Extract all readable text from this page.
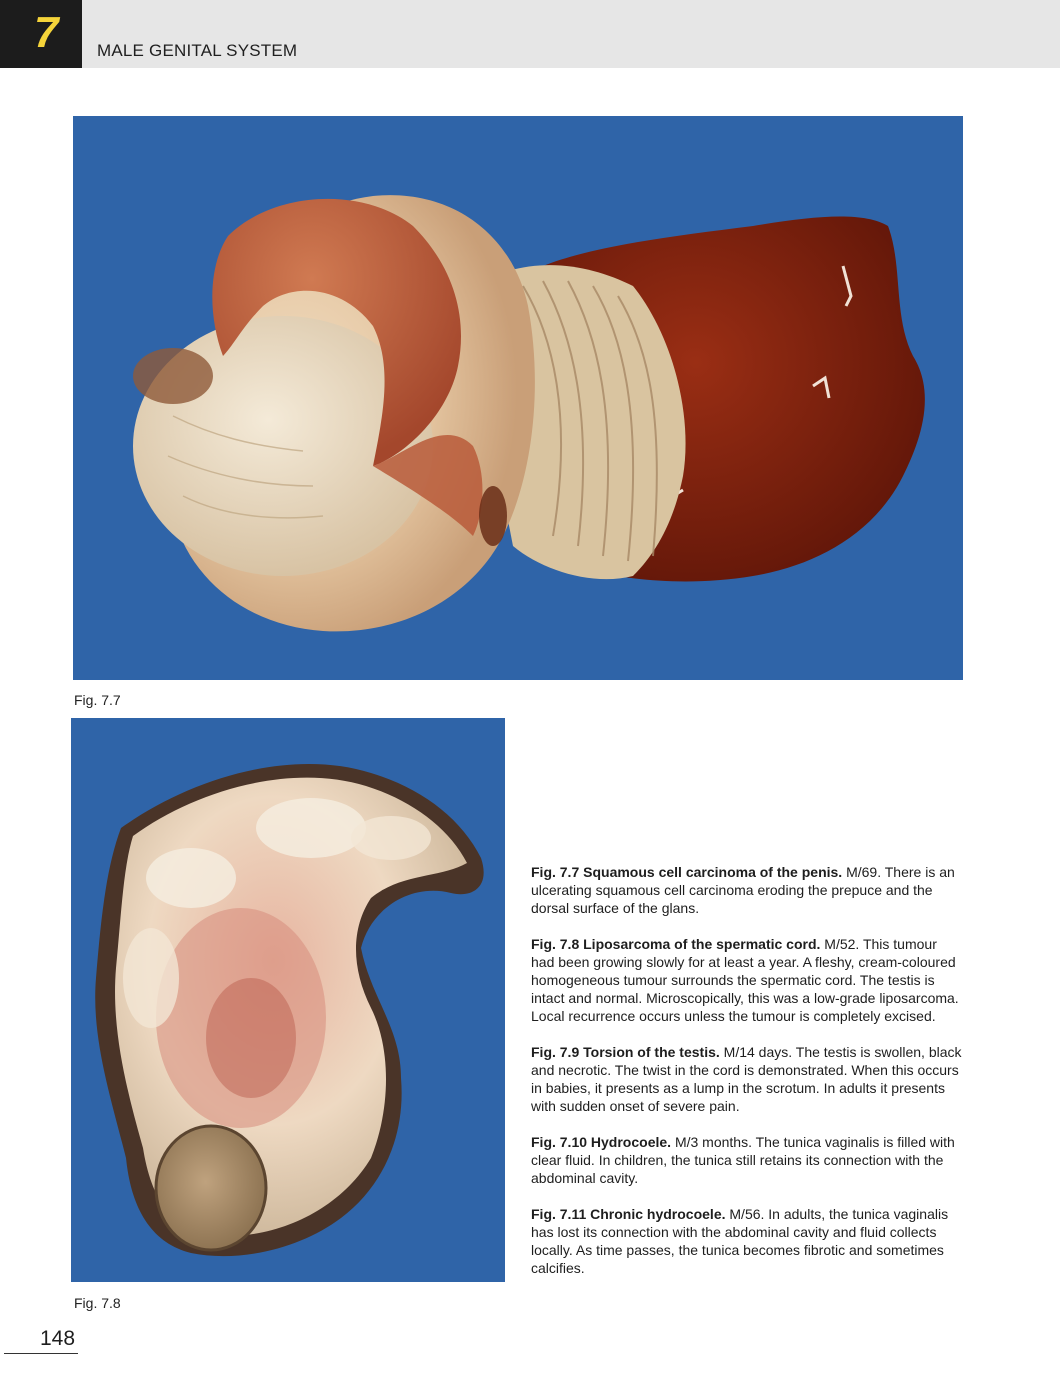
7 MALE GENITAL SYSTEM
Fig. 7.7
Fig. 7.8

Fig. 7.7 Squamous cell carcinoma of the penis. M/69. There is an ulcerating squamous cell carcinoma eroding the prepuce and the dorsal surface of the glans.

Fig. 7.8 Liposarcoma of the spermatic cord. M/52. This tumour had been growing slowly for at least a year. A fleshy, cream-coloured homogeneous tumour surrounds the spermatic cord. The testis is intact and normal. Microscopically, this was a low-grade liposarcoma. Local recurrence occurs unless the tumour is completely excised.

Fig. 7.9 Torsion of the testis. M/14 days. The testis is swollen, black and necrotic. The twist in the cord is demonstrated. When this occurs in babies, it presents as a lump in the scrotum. In adults it presents with sudden onset of severe pain.

Fig. 7.10 Hydrocoele. M/3 months. The tunica vaginalis is filled with clear fluid. In children, the tunica still retains its connection with the abdominal cavity.

Fig. 7.11 Chronic hydrocoele. M/56. In adults, the tunica vaginalis has lost its connection with the abdominal cavity and fluid collects locally. As time passes, the tunica becomes fibrotic and sometimes calcifies.

148
